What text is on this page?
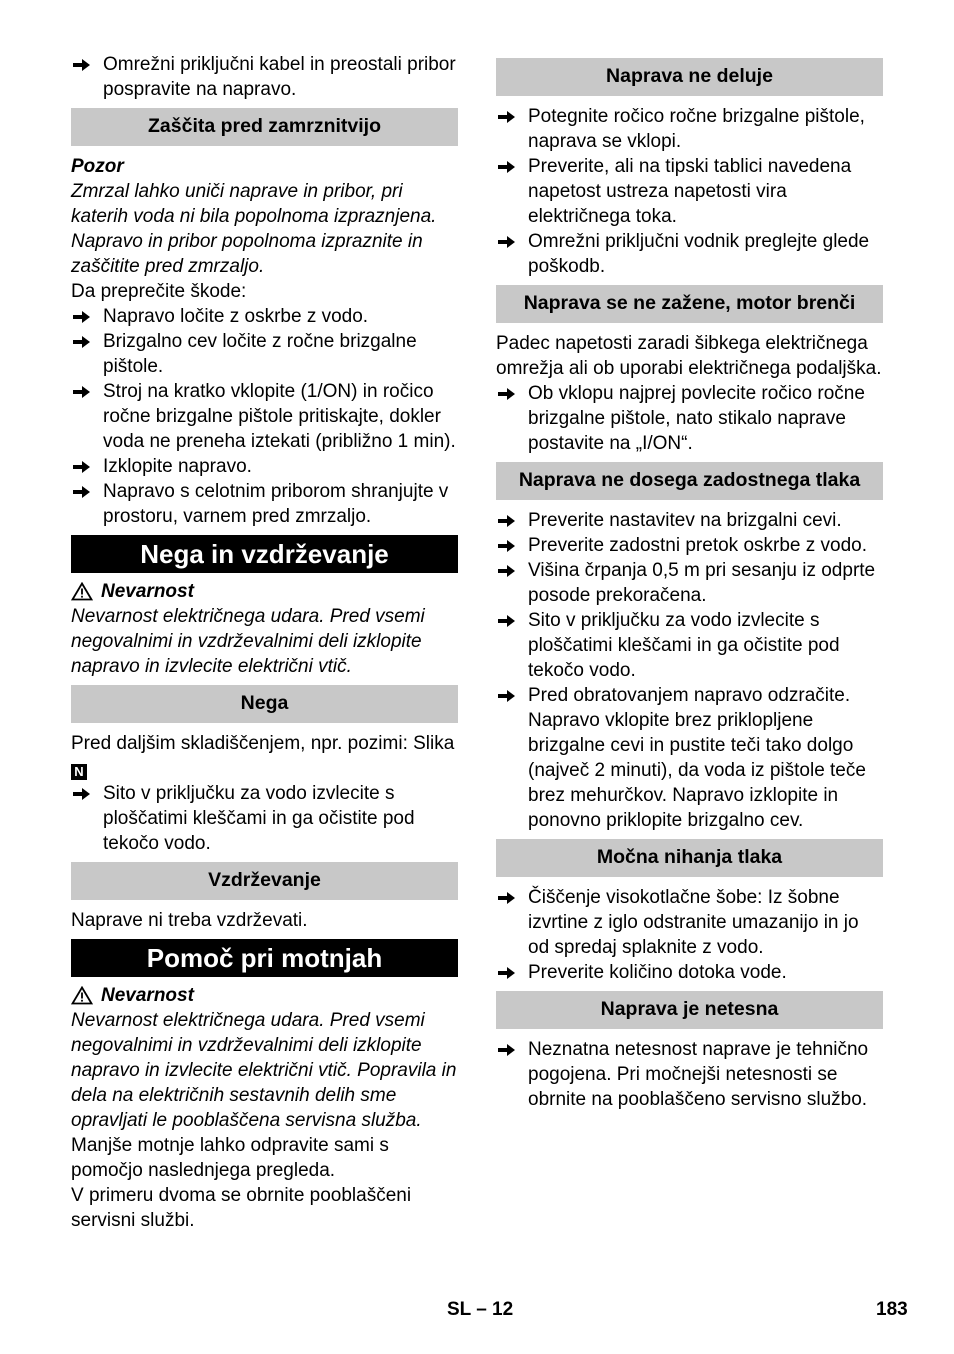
Omrežni priključni kabel in preostali pribor pospravite na napravo.

Zaščita pred zamrznitvijo

Pozor

Zmrzal lahko uniči naprave in pribor, pri katerih voda ni bila popolnoma izpraznjena. Napravo in pribor popolnoma izpraznite in zaščitite pred zmrzaljo.

Da preprečite škode:

Napravo ločite z oskrbe z vodo.

Brizgalno cev ločite z ročne brizgalne pištole.

Stroj na kratko vklopite (1/ON) in ročico ročne brizgalne pištole pritiskajte, dokler voda ne preneha iztekati (približno 1 min).

Izklopite napravo.

Napravo s celotnim priborom shranjujte v prostoru, varnem pred zmrzaljo.

Nega in vzdrževanje

Nevarnost

Nevarnost električnega udara. Pred vsemi negovalnimi in vzdrževalnimi deli izklopite napravo in izvlecite električni vtič.

Nega

Pred daljšim skladiščenjem, npr. pozimi: Slika N

Sito v priključku za vodo izvlecite s ploščatimi kleščami in ga očistite pod tekočo vodo.

Vzdrževanje

Naprave ni treba vzdrževati.

Pomoč pri motnjah

Nevarnost

Nevarnost električnega udara. Pred vsemi negovalnimi in vzdrževalnimi deli izklopite napravo in izvlecite električni vtič. Popravila in dela na električnih sestavnih delih sme opravljati le pooblaščena servisna služba.

Manjše motnje lahko odpravite sami s pomočjo naslednjega pregleda.

V primeru dvoma se obrnite pooblaščeni servisni službi.

Naprava ne deluje

Potegnite ročico ročne brizgalne pištole, naprava se vklopi.

Preverite, ali na tipski tablici navedena napetost ustreza napetosti vira električnega toka.

Omrežni priključni vodnik preglejte glede poškodb.

Naprava se ne zažene, motor brenči

Padec napetosti zaradi šibkega električnega omrežja ali ob uporabi električnega podaljška.

Ob vklopu najprej povlecite ročico ročne brizgalne pištole, nato stikalo naprave postavite na „I/ON“.

Naprava ne dosega zadostnega tlaka

Preverite nastavitev na brizgalni cevi.

Preverite zadostni pretok oskrbe z vodo.

Višina črpanja 0,5 m pri sesanju iz odprte posode prekoračena.

Sito v priključku za vodo izvlecite s ploščatimi kleščami in ga očistite pod tekočo vodo.

Pred obratovanjem napravo odzračite. Napravo vklopite brez priklopljene brizgalne cevi in pustite teči tako dolgo (največ 2 minuti), da voda iz pištole teče brez mehurčkov. Napravo izklopite in ponovno priklopite brizgalno cev.

Močna nihanja tlaka

Čiščenje visokotlačne šobe: Iz šobne izvrtine z iglo odstranite umazanijo in jo od spredaj splaknite z vodo.

Preverite količino dotoka vode.

Naprava je netesna

Neznatna netesnost naprave je tehnično pogojena. Pri močnejši netesnosti se obrnite na pooblaščeno servisno službo.

SL – 12	183
